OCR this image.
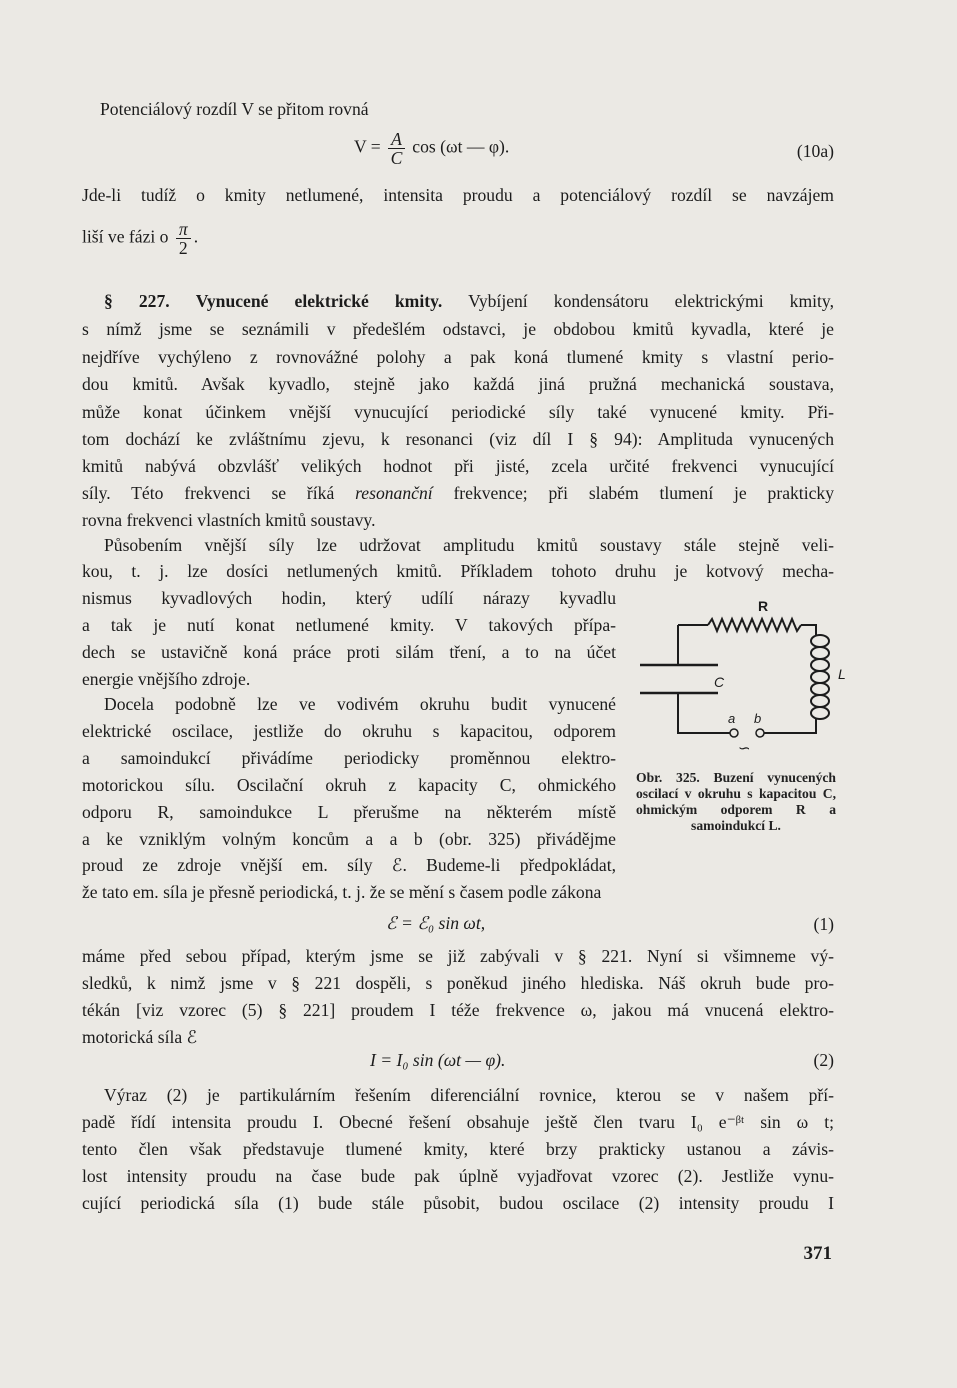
Potenciálový rozdíl V se přitom rovná
$V = \frac{A}{C}$ cos (ωt — φ).	(10a)
Jde-li tudíž o kmity netlumené, intensita proudu a potenciálový rozdíl se navzájem
liší ve fázi o $\frac{\pi}{2}$ .
§ 227. Vynucené elektrické kmity. Vybíjení kondensátoru elektrickými kmity,
s nímž jsme se seznámili v předešlém odstavci, je obdobou kmitů kyvadla, které je
nejdříve vychýleno z rovnovážné polohy a pak koná tlumené kmity s vlastní perio-
dou kmitů. Avšak kyvadlo, stejně jako každá jiná pružná mechanická soustava,
může konat účinkem vnější vynucující periodické síly také vynucené kmity. Při-
tom dochází ke zvláštnímu zjevu, k resonanci (viz díl I § 94): Amplituda vynucených
kmitů nabývá obzvlášť velikých hodnot při jisté, zcela určité frekvenci vynucující
síly. Této frekvenci se říká resonanční frekvence; při slabém tlumení je prakticky
rovna frekvenci vlastních kmitů soustavy.
Působením vnější síly lze udržovat amplitudu kmitů soustavy stále stejně veli-
kou, t. j. lze dosíci netlumených kmitů. Příkladem tohoto druhu je kotvový mecha-
nismus kyvadlových hodin, který udílí nárazy kyvadlu
a tak je nutí konat netlumené kmity. V takových přípa-
dech se ustavičně koná práce proti silám tření, a to na účet
energie vnějšího zdroje.
Docela podobně lze ve vodivém okruhu budit vynucené
elektrické oscilace, jestliže do okruhu s kapacitou, odporem
a samoindukcí přivádíme periodicky proměnnou elektro-
motorickou sílu. Oscilační okruh z kapacity C, ohmického
odporu R, samoindukce L přerušme na některém místě
a ke vzniklým volným koncům a a b (obr. 325) přivádějme
proud ze zdroje vnější em. síly ℰ. Budeme-li předpokládat,
že tato em. síla je přesně periodická, t. j. že se mění s časem podle zákona
ℰ = ℰ₀ sin ωt,	(1)
máme před sebou případ, kterým jsme se již zabývali v § 221. Nyní si všimneme vý-
sledků, k nimž jsme v § 221 dospěli, s poněkud jiného hlediska. Náš okruh bude pro-
tékán [viz vzorec (5) § 221] proudem I téže frekvence ω, jakou má vnucená elektro-
motorická síla ℰ
I = I₀ sin (ωt — φ).	(2)
Výraz (2) je partikulárním řešením diferenciální rovnice, kterou se v našem pří-
padě řídí intensita proudu I. Obecné řešení obsahuje ještě člen tvaru I₀ e⁻ᵝᵗ sin ω t;
tento člen však představuje tlumené kmity, které brzy prakticky ustanou a závis-
lost intensity proudu na čase bude pak úplně vyjadřovat vzorec (2). Jestliže vynu-
cující periodická síla (1) bude stále působit, budou oscilace (2) intensity proudu I
R
C	L
a b
∽
Obr. 325. Buzení vynucených oscilací v okruhu s kapacitou C, ohmickým odporem R a samoindukcí L.
371
